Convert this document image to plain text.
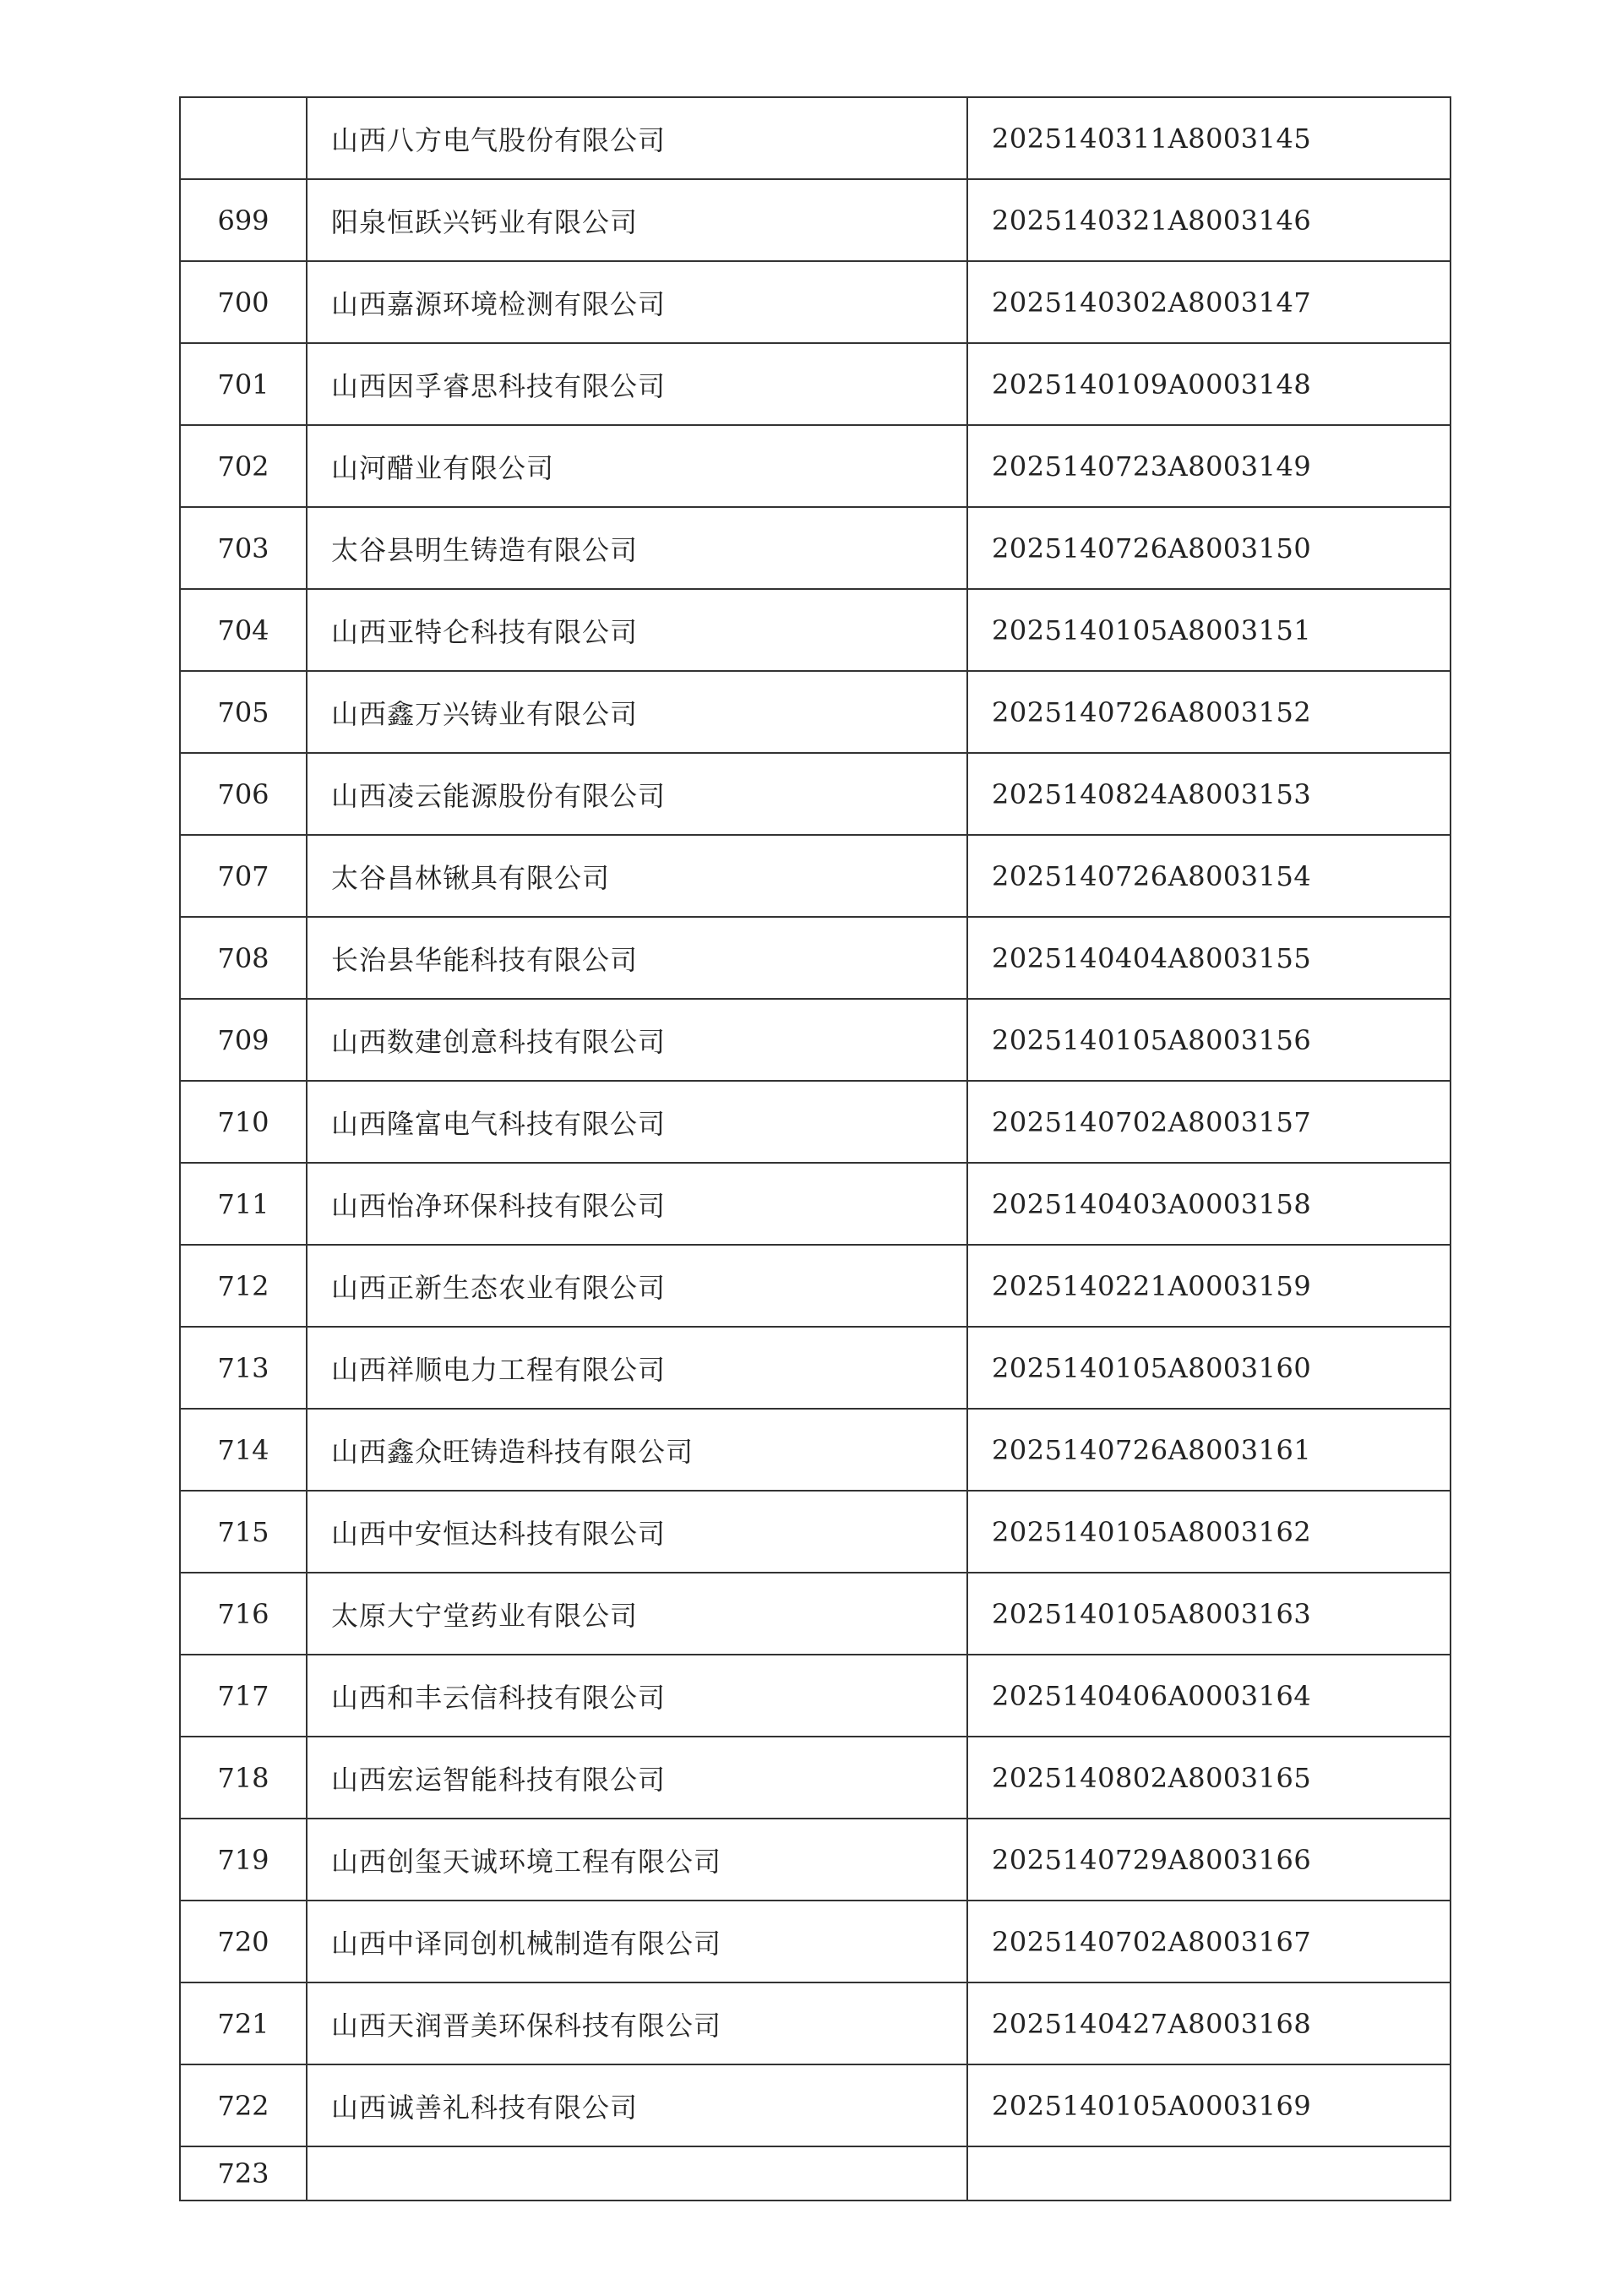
	山西八方电气股份有限公司	2025140311A8003145
699	阳泉恒跃兴钙业有限公司	2025140321A8003146
700	山西嘉源环境检测有限公司	2025140302A8003147
701	山西因孚睿思科技有限公司	2025140109A0003148
702	山河醋业有限公司	2025140723A8003149
703	太谷县明生铸造有限公司	2025140726A8003150
704	山西亚特仑科技有限公司	2025140105A8003151
705	山西鑫万兴铸业有限公司	2025140726A8003152
706	山西凌云能源股份有限公司	2025140824A8003153
707	太谷昌林锹具有限公司	2025140726A8003154
708	长治县华能科技有限公司	2025140404A8003155
709	山西数建创意科技有限公司	2025140105A8003156
710	山西隆富电气科技有限公司	2025140702A8003157
711	山西怡净环保科技有限公司	2025140403A0003158
712	山西正新生态农业有限公司	2025140221A0003159
713	山西祥顺电力工程有限公司	2025140105A8003160
714	山西鑫众旺铸造科技有限公司	2025140726A8003161
715	山西中安恒达科技有限公司	2025140105A8003162
716	太原大宁堂药业有限公司	2025140105A8003163
717	山西和丰云信科技有限公司	2025140406A0003164
718	山西宏运智能科技有限公司	2025140802A8003165
719	山西创玺天诚环境工程有限公司	2025140729A8003166
720	山西中译同创机械制造有限公司	2025140702A8003167
721	山西天润晋美环保科技有限公司	2025140427A8003168
722	山西诚善礼科技有限公司	2025140105A0003169
723		
